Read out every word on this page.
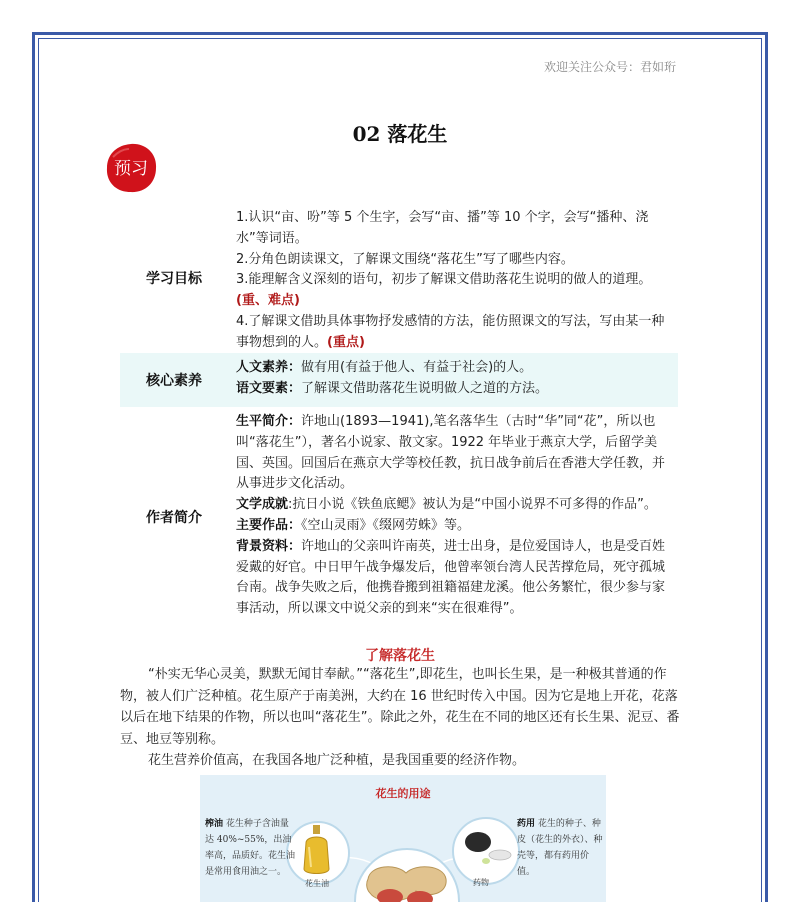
欢迎关注公众号：君如珩
02 落花生
预习
学习目标
1.认识“亩、吩”等 5 个生字，会写“亩、播”等 10 个字，会写“播种、浇水”等词语。
2.分角色朗读课文，了解课文围绕“落花生”写了哪些内容。
3.能理解含义深刻的语句，初步了解课文借助落花生说明的做人的道理。(重、难点)
4.了解课文借助具体事物抒发感情的方法，能仿照课文的写法，写由某一种事物想到的人。(重点)
核心素养
人文素养：做有用(有益于他人、有益于社会)的人。
语文要素：了解课文借助落花生说明做人之道的方法。
作者简介
生平简介：许地山(1893—1941),笔名落华生（古时“华”同“花”，所以也叫“落花生”），著名小说家、散文家。1922 年毕业于燕京大学，后留学美国、英国。回国后在燕京大学等校任教，抗日战争前后在香港大学任教，并从事进步文化活动。
文学成就:抗日小说《铁鱼底鳃》被认为是“中国小说界不可多得的作品”。
主要作品：《空山灵雨》《缀网劳蛛》等。
背景资料：许地山的父亲叫许南英，进士出身，是位爱国诗人，也是受百姓爱戴的好官。中日甲午战争爆发后，他曾率领台湾人民苦撑危局，死守孤城台南。战争失败之后，他携眷搬到祖籍福建龙溪。他公务繁忙，很少参与家事活动，所以课文中说父亲的到来“实在很难得”。
了解落花生
“朴实无华心灵美，默默无闻甘奉献。”“落花生”,即花生，也叫长生果，是一种极其普通的作物，被人们广泛种植。花生原产于南美洲，大约在 16 世纪时传入中国。因为它是地上开花，花落以后在地下结果的作物，所以也叫“落花生”。除此之外，花生在不同的地区还有长生果、泥豆、番豆、地豆等别称。
花生营养价值高，在我国各地广泛种植，是我国重要的经济作物。
花生的用途
榨油 花生种子含油量达 40%~55%，出油率高，品质好。花生油是常用食用油之一。
药用 花生的种子、种皮（花生的外衣）、种壳等，都有药用价值。
花生油	药物
